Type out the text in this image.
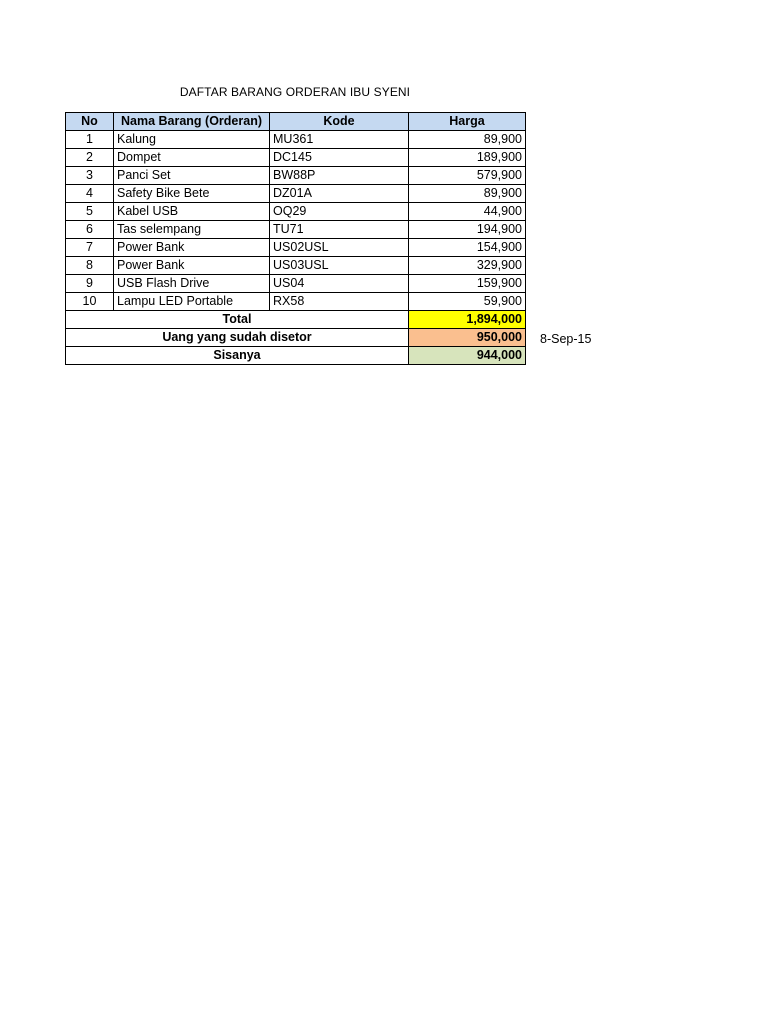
DAFTAR BARANG ORDERAN IBU SYENI
No	Nama Barang (Orderan)	Kode	Harga
1	Kalung	MU361	89,900
2	Dompet	DC145	189,900
3	Panci Set	BW88P	579,900
4	Safety Bike Bete	DZ01A	89,900
5	Kabel USB	OQ29	44,900
6	Tas selempang	TU71	194,900
7	Power Bank	US02USL	154,900
8	Power Bank	US03USL	329,900
9	USB Flash Drive	US04	159,900
10	Lampu LED Portable	RX58	59,900
Total			1,894,000
Uang yang sudah disetor			950,000
Sisanya			944,000
8-Sep-15
